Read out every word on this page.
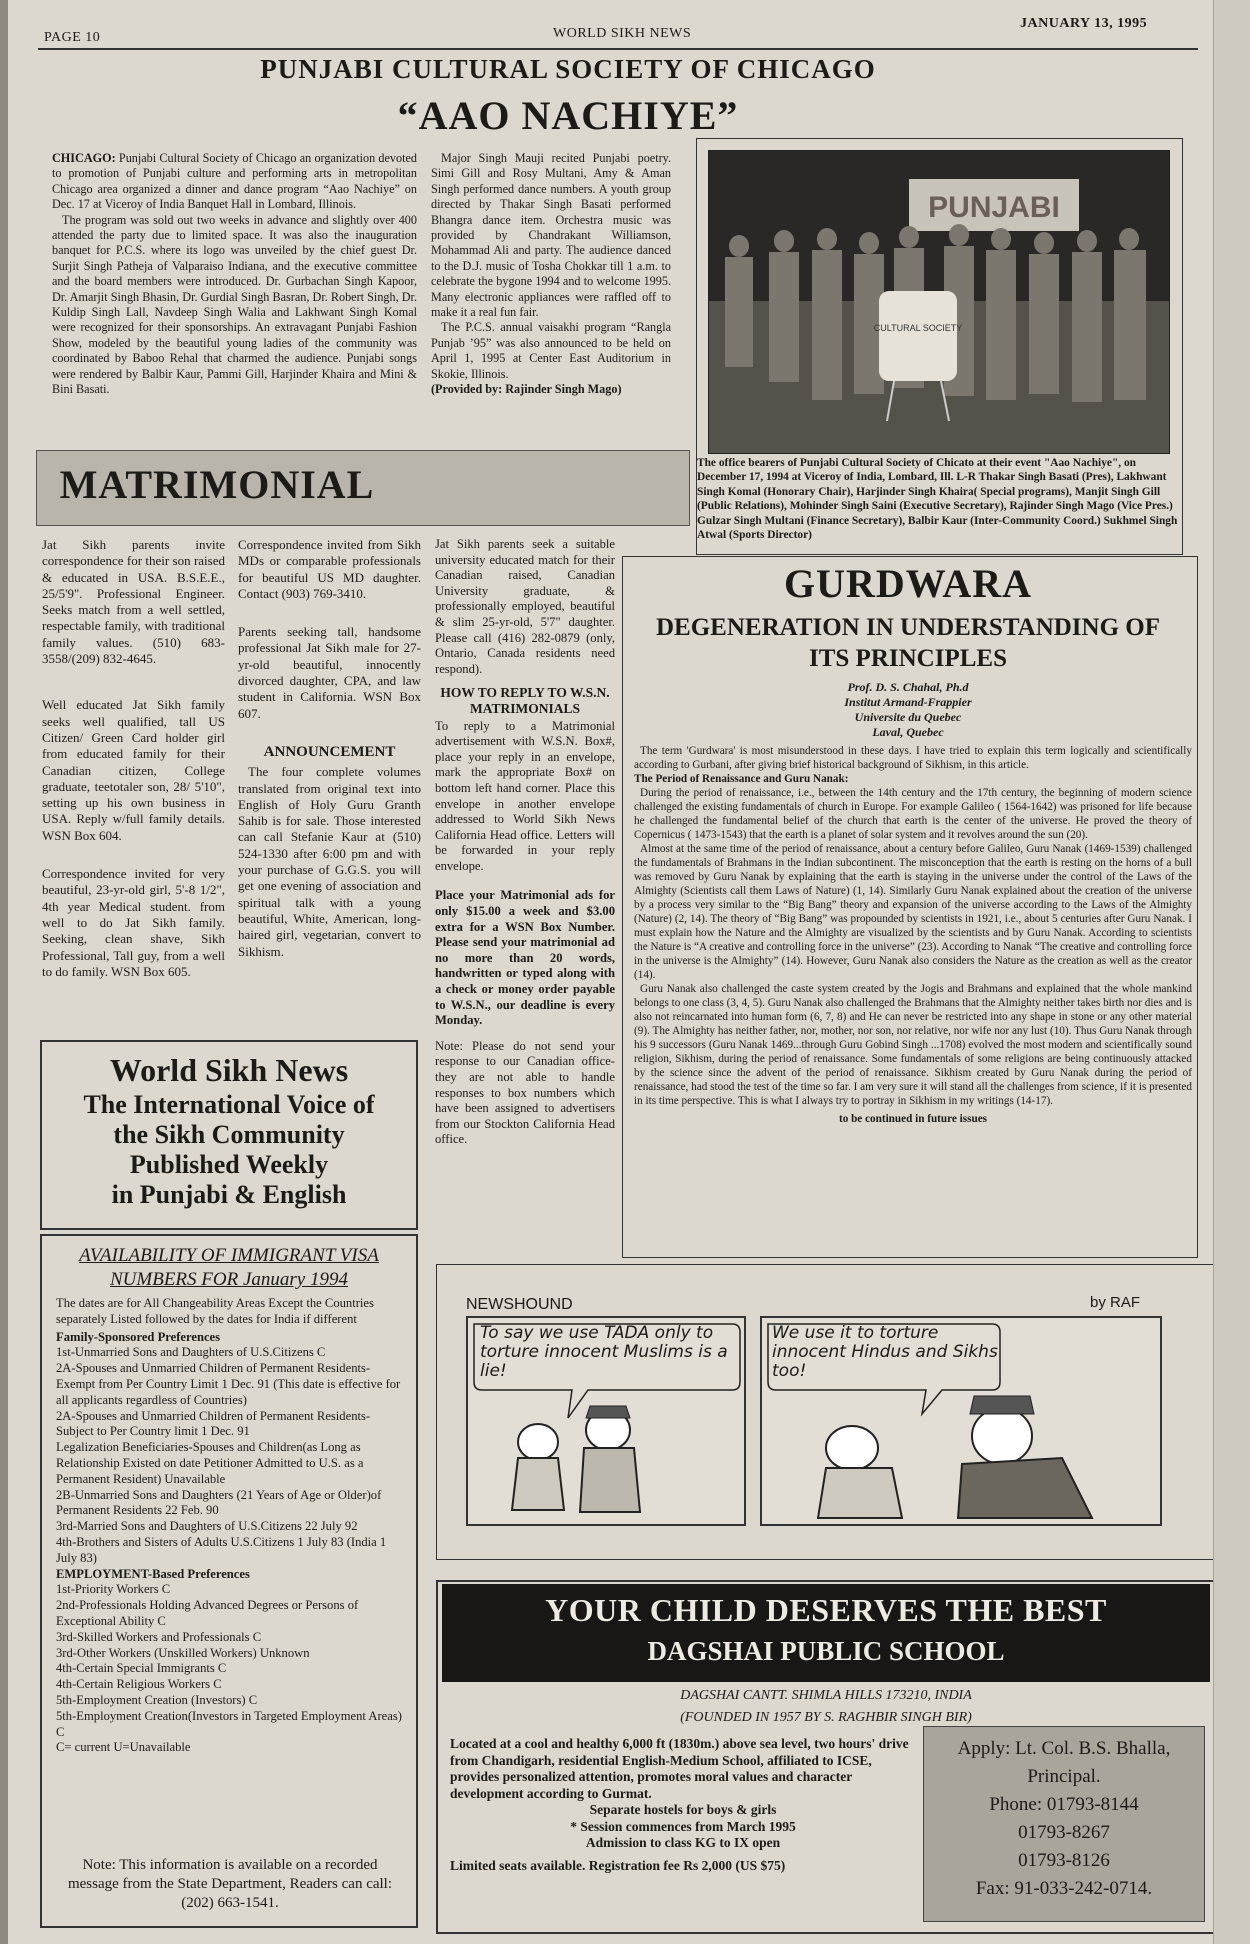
PAGE 10	WORLD SIKH NEWS
JANUARY 13, 1995
PUNJABI CULTURAL SOCIETY OF CHICAGO
“AAO NACHIYE”

CHICAGO: Punjabi Cultural Society of Chicago an organization devoted to promotion of Punjabi culture and performing arts in metropolitan Chicago area organized a dinner and dance program “Aao Nachiye” on Dec. 17 at Viceroy of India Banquet Hall in Lombard, Illinois.

The program was sold out two weeks in advance and slightly over 400 attended the party due to limited space. It was also the inauguration banquet for P.C.S. where its logo was unveiled by the chief guest Dr. Surjit Singh Patheja of Valparaiso Indiana, and the executive committee and the board members were introduced. Dr. Gurbachan Singh Kapoor, Dr. Amarjit Singh Bhasin, Dr. Gurdial Singh Basran, Dr. Robert Singh, Dr. Kuldip Singh Lall, Navdeep Singh Walia and Lakhwant Singh Komal were recognized for their sponsorships. An extravagant Punjabi Fashion Show, modeled by the beautiful young ladies of the community was coordinated by Baboo Rehal that charmed the audience. Punjabi songs were rendered by Balbir Kaur, Pammi Gill, Harjinder Khaira and Mini & Bini Basati.

Major Singh Mauji recited Punjabi poetry. Simi Gill and Rosy Multani, Amy & Aman Singh performed dance numbers. A youth group directed by Thakar Singh Basati performed Bhangra dance item. Orchestra music was provided by Chandrakant Williamson, Mohammad Ali and party. The audience danced to the D.J. music of Tosha Chokkar till 1 a.m. to celebrate the bygone 1994 and to welcome 1995. Many electronic appliances were raffled off to make it a real fun fair.

The P.C.S. annual vaisakhi program “Rangla Punjab ’95” was also announced to be held on April 1, 1995 at Center East Auditorium in Skokie, Illinois.

(Provided by: Rajinder Singh Mago)

PUNJABI
CULTURAL SOCIETY
The office bearers of Punjabi Cultural Society of Chicato at their event "Aao Nachiye", on December 17, 1994 at Viceroy of India, Lombard, Ill. L-R Thakar Singh Basati (Pres), Lakhwant Singh Komal (Honorary Chair), Harjinder Singh Khaira( Special programs), Manjit Singh Gill (Public Relations), Mohinder Singh Saini (Executive Secretary), Rajinder Singh Mago (Vice Pres.) Gulzar Singh Multani (Finance Secretary), Balbir Kaur (Inter-Community Coord.) Sukhmel Singh Atwal (Sports Director)
MATRIMONIAL

Jat Sikh parents invite correspondence for their son raised & educated in USA. B.S.E.E., 25/5'9". Professional Engineer. Seeks match from a well settled, respectable family, with traditional family values. (510) 683-3558/(209) 832-4645.

Well educated Jat Sikh family seeks well qualified, tall US Citizen/ Green Card holder girl from educated family for their Canadian citizen, College graduate, teetotaler son, 28/ 5'10", setting up his own business in USA. Reply w/full family details. WSN Box 604.

Correspondence invited for very beautiful, 23-yr-old girl, 5'-8 1/2", 4th year Medical student. from well to do Jat Sikh family. Seeking, clean shave, Sikh Professional, Tall guy, from a well to do family. WSN Box 605.

Correspondence invited from Sikh MDs or comparable professionals for beautiful US MD daughter. Contact (903) 769-3410.

Parents seeking tall, handsome professional Jat Sikh male for 27-yr-old beautiful, innocently divorced daughter, CPA, and law student in California. WSN Box 607.

ANNOUNCEMENT

The four complete volumes translated from original text into English of Holy Guru Granth Sahib is for sale. Those interested can call Stefanie Kaur at (510) 524-1330 after 6:00 pm and with your purchase of G.G.S. you will get one evening of association and spiritual talk with a young beautiful, White, American, long-haired girl, vegetarian, convert to Sikhism.

Jat Sikh parents seek a suitable university educated match for their Canadian raised, Canadian University graduate, & professionally employed, beautiful & slim 25-yr-old, 5'7" daughter. Please call (416) 282-0879 (only, Ontario, Canada residents need respond).

HOW TO REPLY TO W.S.N. MATRIMONIALS

To reply to a Matrimonial advertisement with W.S.N. Box#, place your reply in an envelope, mark the appropriate Box# on bottom left hand corner. Place this envelope in another envelope addressed to World Sikh News California Head office. Letters will be forwarded in your reply envelope.

Place your Matrimonial ads for only $15.00 a week and $3.00 extra for a WSN Box Number. Please send your matrimonial ad no more than 20 words, handwritten or typed along with a check or money order payable to W.S.N., our deadline is every Monday.

Note: Please do not send your response to our Canadian office- they are not able to handle responses to box numbers which have been assigned to advertisers from our Stockton California Head office.

World Sikh News
The International Voice of
the Sikh Community
Published Weekly
in Punjabi & English
AVAILABILITY OF IMMIGRANT VISA NUMBERS FOR January 1994

The dates are for All Changeability Areas Except the Countries separately Listed followed by the dates for India if different

Family-Sponsored Preferences

1st-Unmarried Sons and Daughters of U.S.Citizens C

2A-Spouses and Unmarried Children of Permanent Residents- Exempt from Per Country Limit 1 Dec. 91 (This date is effective for all applicants regardless of Countries)

2A-Spouses and Unmarried Children of Permanent Residents-Subject to Per Country limit 1 Dec. 91

Legalization Beneficiaries-Spouses and Children(as Long as Relationship Existed on date Petitioner Admitted to U.S. as a Permanent Resident) Unavailable

2B-Unmarried Sons and Daughters (21 Years of Age or Older)of Permanent Residents 22 Feb. 90

3rd-Married Sons and Daughters of U.S.Citizens 22 July 92

4th-Brothers and Sisters of Adults U.S.Citizens 1 July 83 (India 1 July 83)

EMPLOYMENT-Based Preferences

1st-Priority Workers C

2nd-Professionals Holding Advanced Degrees or Persons of Exceptional Ability C

3rd-Skilled Workers and Professionals C

3rd-Other Workers (Unskilled Workers) Unknown

4th-Certain Special Immigrants C

4th-Certain Religious Workers C

5th-Employment Creation (Investors) C

5th-Employment Creation(Investors in Targeted Employment Areas) C

C= current U=Unavailable

Note: This information is available on a recorded message from the State Department, Readers can call: (202) 663-1541.
GURDWARA
DEGENERATION IN UNDERSTANDING OF ITS PRINCIPLES
Prof. D. S. Chahal, Ph.d
Institut Armand-Frappier
Universite du Quebec
Laval, Quebec

The term 'Gurdwara' is most misunderstood in these days. I have tried to explain this term logically and scientifically according to Gurbani, after giving brief historical background of Sikhism, in this article.

The Period of Renaissance and Guru Nanak:

During the period of renaissance, i.e., between the 14th century and the 17th century, the beginning of modern science challenged the existing fundamentals of church in Europe. For example Galileo ( 1564-1642) was prisoned for life because he challenged the fundamental belief of the church that earth is the center of the universe. He proved the theory of Copernicus ( 1473-1543) that the earth is a planet of solar system and it revolves around the sun (20).

Almost at the same time of the period of renaissance, about a century before Galileo, Guru Nanak (1469-1539) challenged the fundamentals of Brahmans in the Indian subcontinent. The misconception that the earth is resting on the horns of a bull was removed by Guru Nanak by explaining that the earth is staying in the universe under the control of the Laws of the Almighty (Scientists call them Laws of Nature) (1, 14). Similarly Guru Nanak explained about the creation of the universe by a process very similar to the “Big Bang” theory and expansion of the universe according to the Laws of the Almighty (Nature) (2, 14). The theory of “Big Bang” was propounded by scientists in 1921, i.e., about 5 centuries after Guru Nanak. I must explain how the Nature and the Almighty are visualized by the scientists and by Guru Nanak. According to scientists the Nature is “A creative and controlling force in the universe” (23). According to Nanak “The creative and controlling force in the universe is the Almighty” (14). However, Guru Nanak also considers the Nature as the creation as well as the creator (14).

Guru Nanak also challenged the caste system created by the Jogis and Brahmans and explained that the whole mankind belongs to one class (3, 4, 5). Guru Nanak also challenged the Brahmans that the Almighty neither takes birth nor dies and is also not reincarnated into human form (6, 7, 8) and He can never be restricted into any shape in stone or any other material (9). The Almighty has neither father, nor, mother, nor son, nor relative, nor wife nor any lust (10). Thus Guru Nanak through his 9 successors (Guru Nanak 1469...through Guru Gobind Singh ...1708) evolved the most modern and scientifically sound religion, Sikhism, during the period of renaissance. Some fundamentals of some religions are being continuously attacked by the science since the advent of the period of renaissance. Sikhism created by Guru Nanak during the period of renaissance, had stood the test of the time so far. I am very sure it will stand all the challenges from science, if it is presented in its time perspective. This is what I always try to portray in Sikhism in my writings (14-17).

to be continued in future issues

NEWSHOUND	by RAF
To say we use TADA only to torture innocent Muslims is a lie!
We use it to torture innocent Hindus and Sikhs too!
YOUR CHILD DESERVES THE BEST
DAGSHAI PUBLIC SCHOOL
DAGSHAI CANTT. SHIMLA HILLS 173210, INDIA
(FOUNDED IN 1957 BY S. RAGHBIR SINGH BIR)
Located at a cool and healthy 6,000 ft (1830m.) above sea level, two hours' drive from Chandigarh, residential English-Medium School, affiliated to ICSE, provides personalized attention, promotes moral values and character development according to Gurmat.
Separate hostels for boys & girls
* Session commences from March 1995
Admission to class KG to IX open
Limited seats available. Registration fee Rs 2,000 (US $75)
Apply: Lt. Col. B.S. Bhalla,
Principal.
Phone: 01793-8144
01793-8267
01793-8126
Fax: 91-033-242-0714.
